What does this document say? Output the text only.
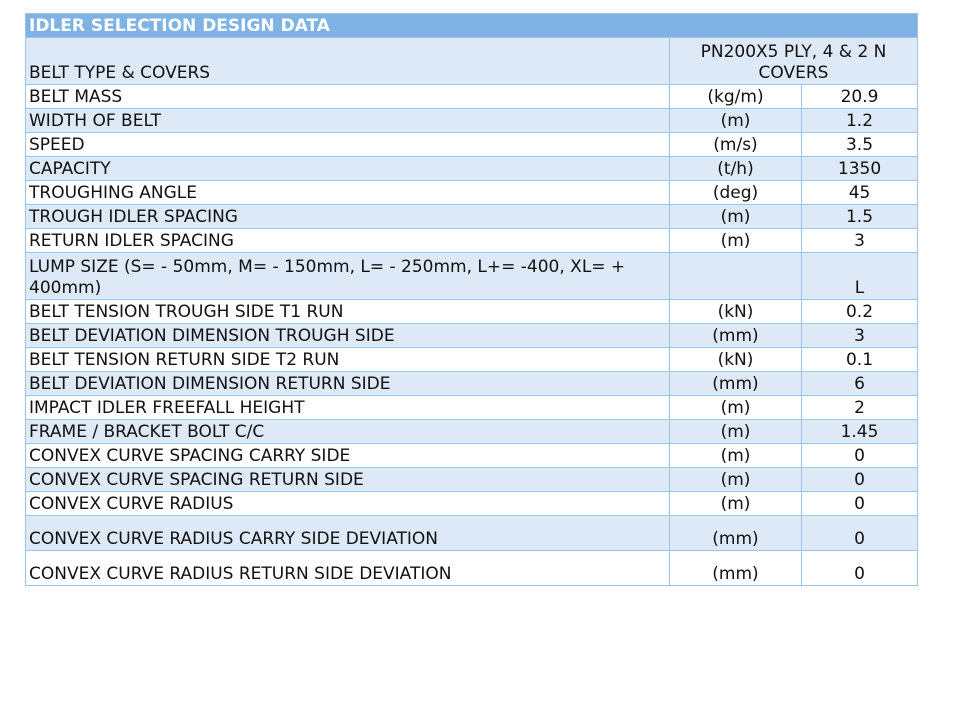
IDLER SELECTION DESIGN DATA		
BELT TYPE & COVERS	PN200X5 PLY, 4 & 2 N COVERS	
BELT MASS	(kg/m)	20.9
WIDTH OF BELT	(m)	1.2
SPEED	(m/s)	3.5
CAPACITY	(t/h)	1350
TROUGHING ANGLE	(deg)	45
TROUGH IDLER SPACING	(m)	1.5
RETURN IDLER SPACING	(m)	3
LUMP SIZE (S= - 50mm, M= - 150mm, L= - 250mm, L+= -400, XL= + 400mm)		L
BELT TENSION TROUGH SIDE T1 RUN	(kN)	0.2
BELT DEVIATION DIMENSION TROUGH SIDE	(mm)	3
BELT TENSION RETURN SIDE T2 RUN	(kN)	0.1
BELT DEVIATION DIMENSION RETURN SIDE	(mm)	6
IMPACT IDLER FREEFALL HEIGHT	(m)	2
FRAME / BRACKET BOLT C/C	(m)	1.45
CONVEX CURVE SPACING CARRY SIDE	(m)	0
CONVEX CURVE SPACING RETURN SIDE	(m)	0
CONVEX CURVE RADIUS	(m)	0
CONVEX CURVE RADIUS CARRY SIDE DEVIATION	(mm)	0
CONVEX CURVE RADIUS RETURN SIDE DEVIATION	(mm)	0
